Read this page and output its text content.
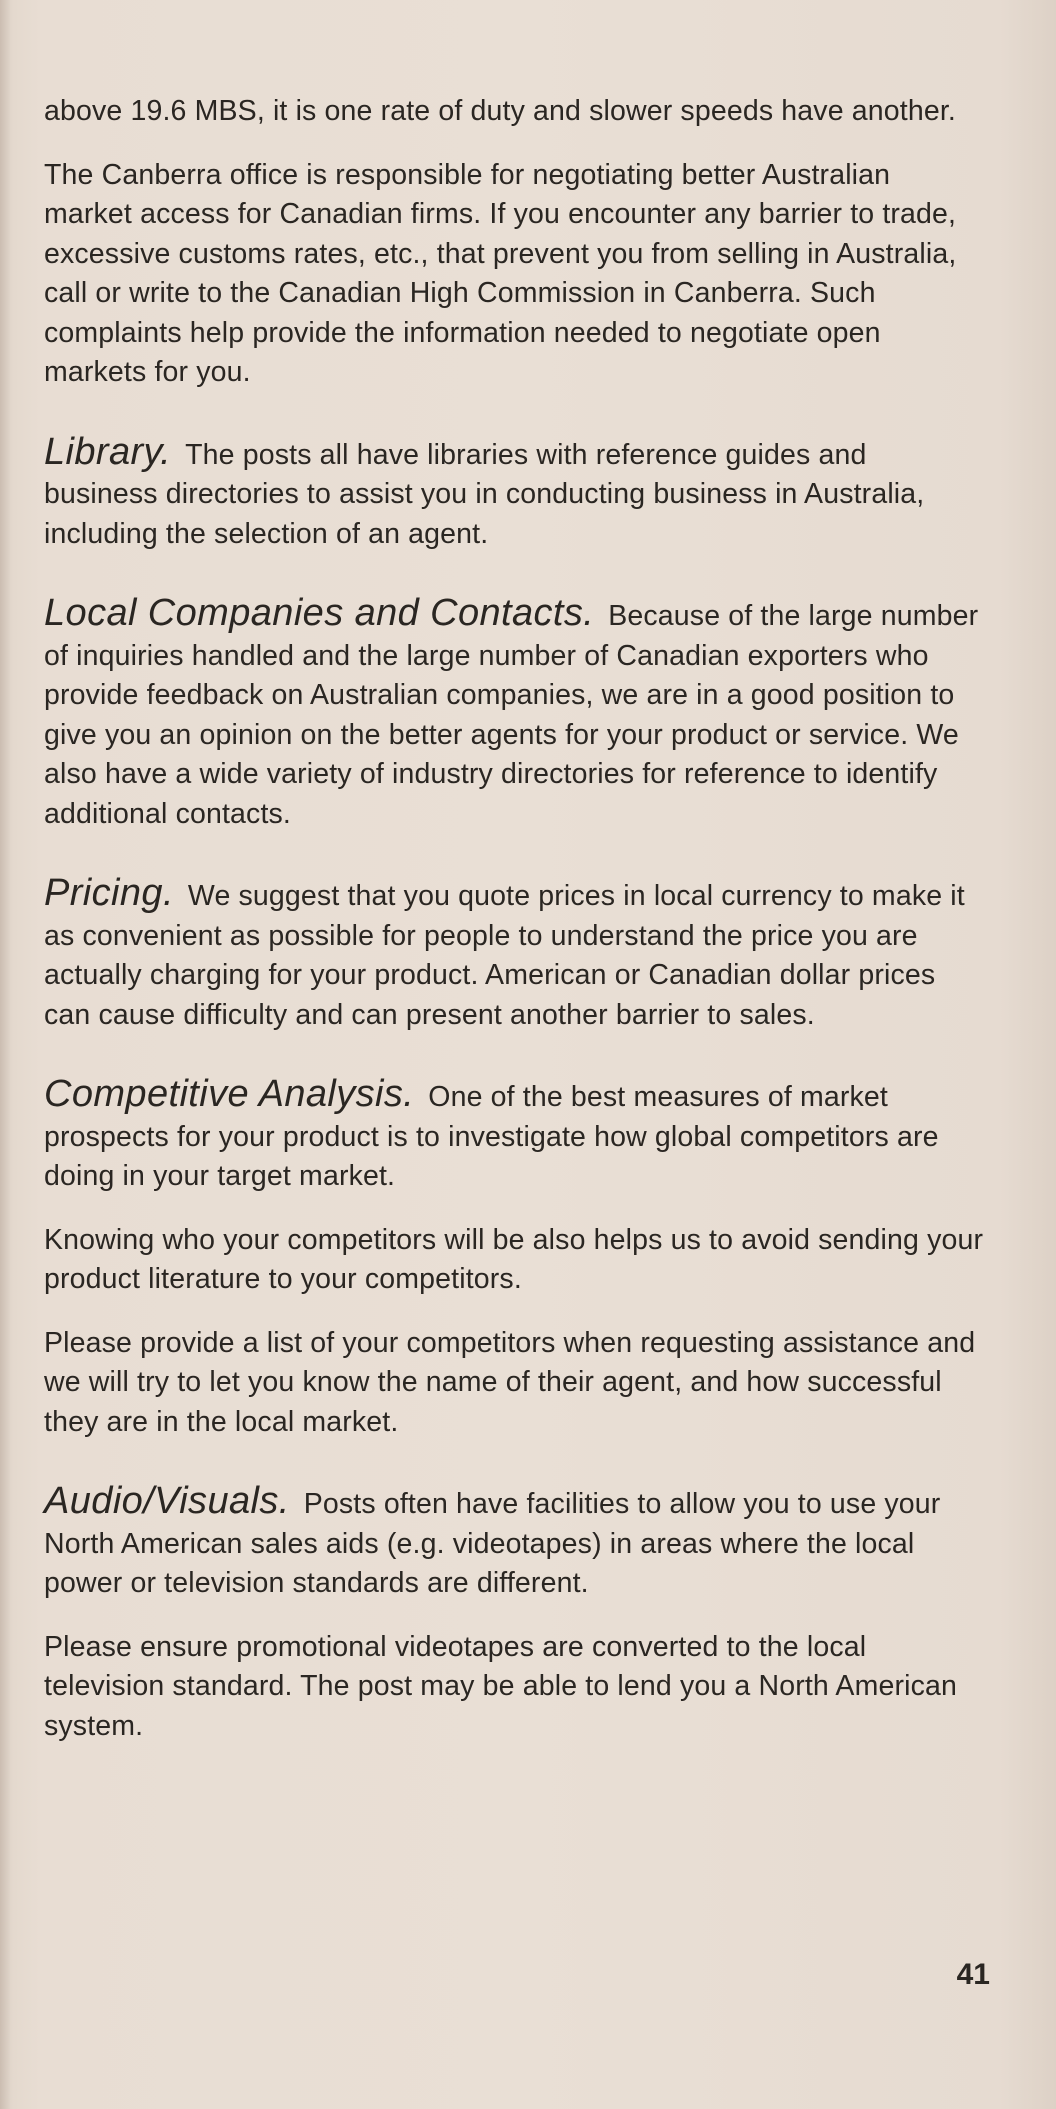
above 19.6 MBS, it is one rate of duty and slower speeds have another.

The Canberra office is responsible for negotiating better Australian market access for Canadian firms. If you encounter any barrier to trade, excessive customs rates, etc., that prevent you from selling in Australia, call or write to the Canadian High Commission in Canberra. Such complaints help provide the information needed to negotiate open markets for you.

Library. The posts all have libraries with reference guides and business directories to assist you in conducting business in Australia, including the selection of an agent.

Local Companies and Contacts. Because of the large number of inquiries handled and the large number of Canadian exporters who provide feedback on Australian companies, we are in a good position to give you an opinion on the better agents for your product or service. We also have a wide variety of industry directories for reference to identify additional contacts.

Pricing. We suggest that you quote prices in local currency to make it as convenient as possible for people to understand the price you are actually charging for your product. American or Canadian dollar prices can cause difficulty and can present another barrier to sales.

Competitive Analysis. One of the best measures of market prospects for your product is to investigate how global competitors are doing in your target market.

Knowing who your competitors will be also helps us to avoid sending your product literature to your competitors.

Please provide a list of your competitors when requesting assistance and we will try to let you know the name of their agent, and how successful they are in the local market.

Audio/Visuals. Posts often have facilities to allow you to use your North American sales aids (e.g. videotapes) in areas where the local power or television standards are different.

Please ensure promotional videotapes are converted to the local television standard. The post may be able to lend you a North American system.

41
